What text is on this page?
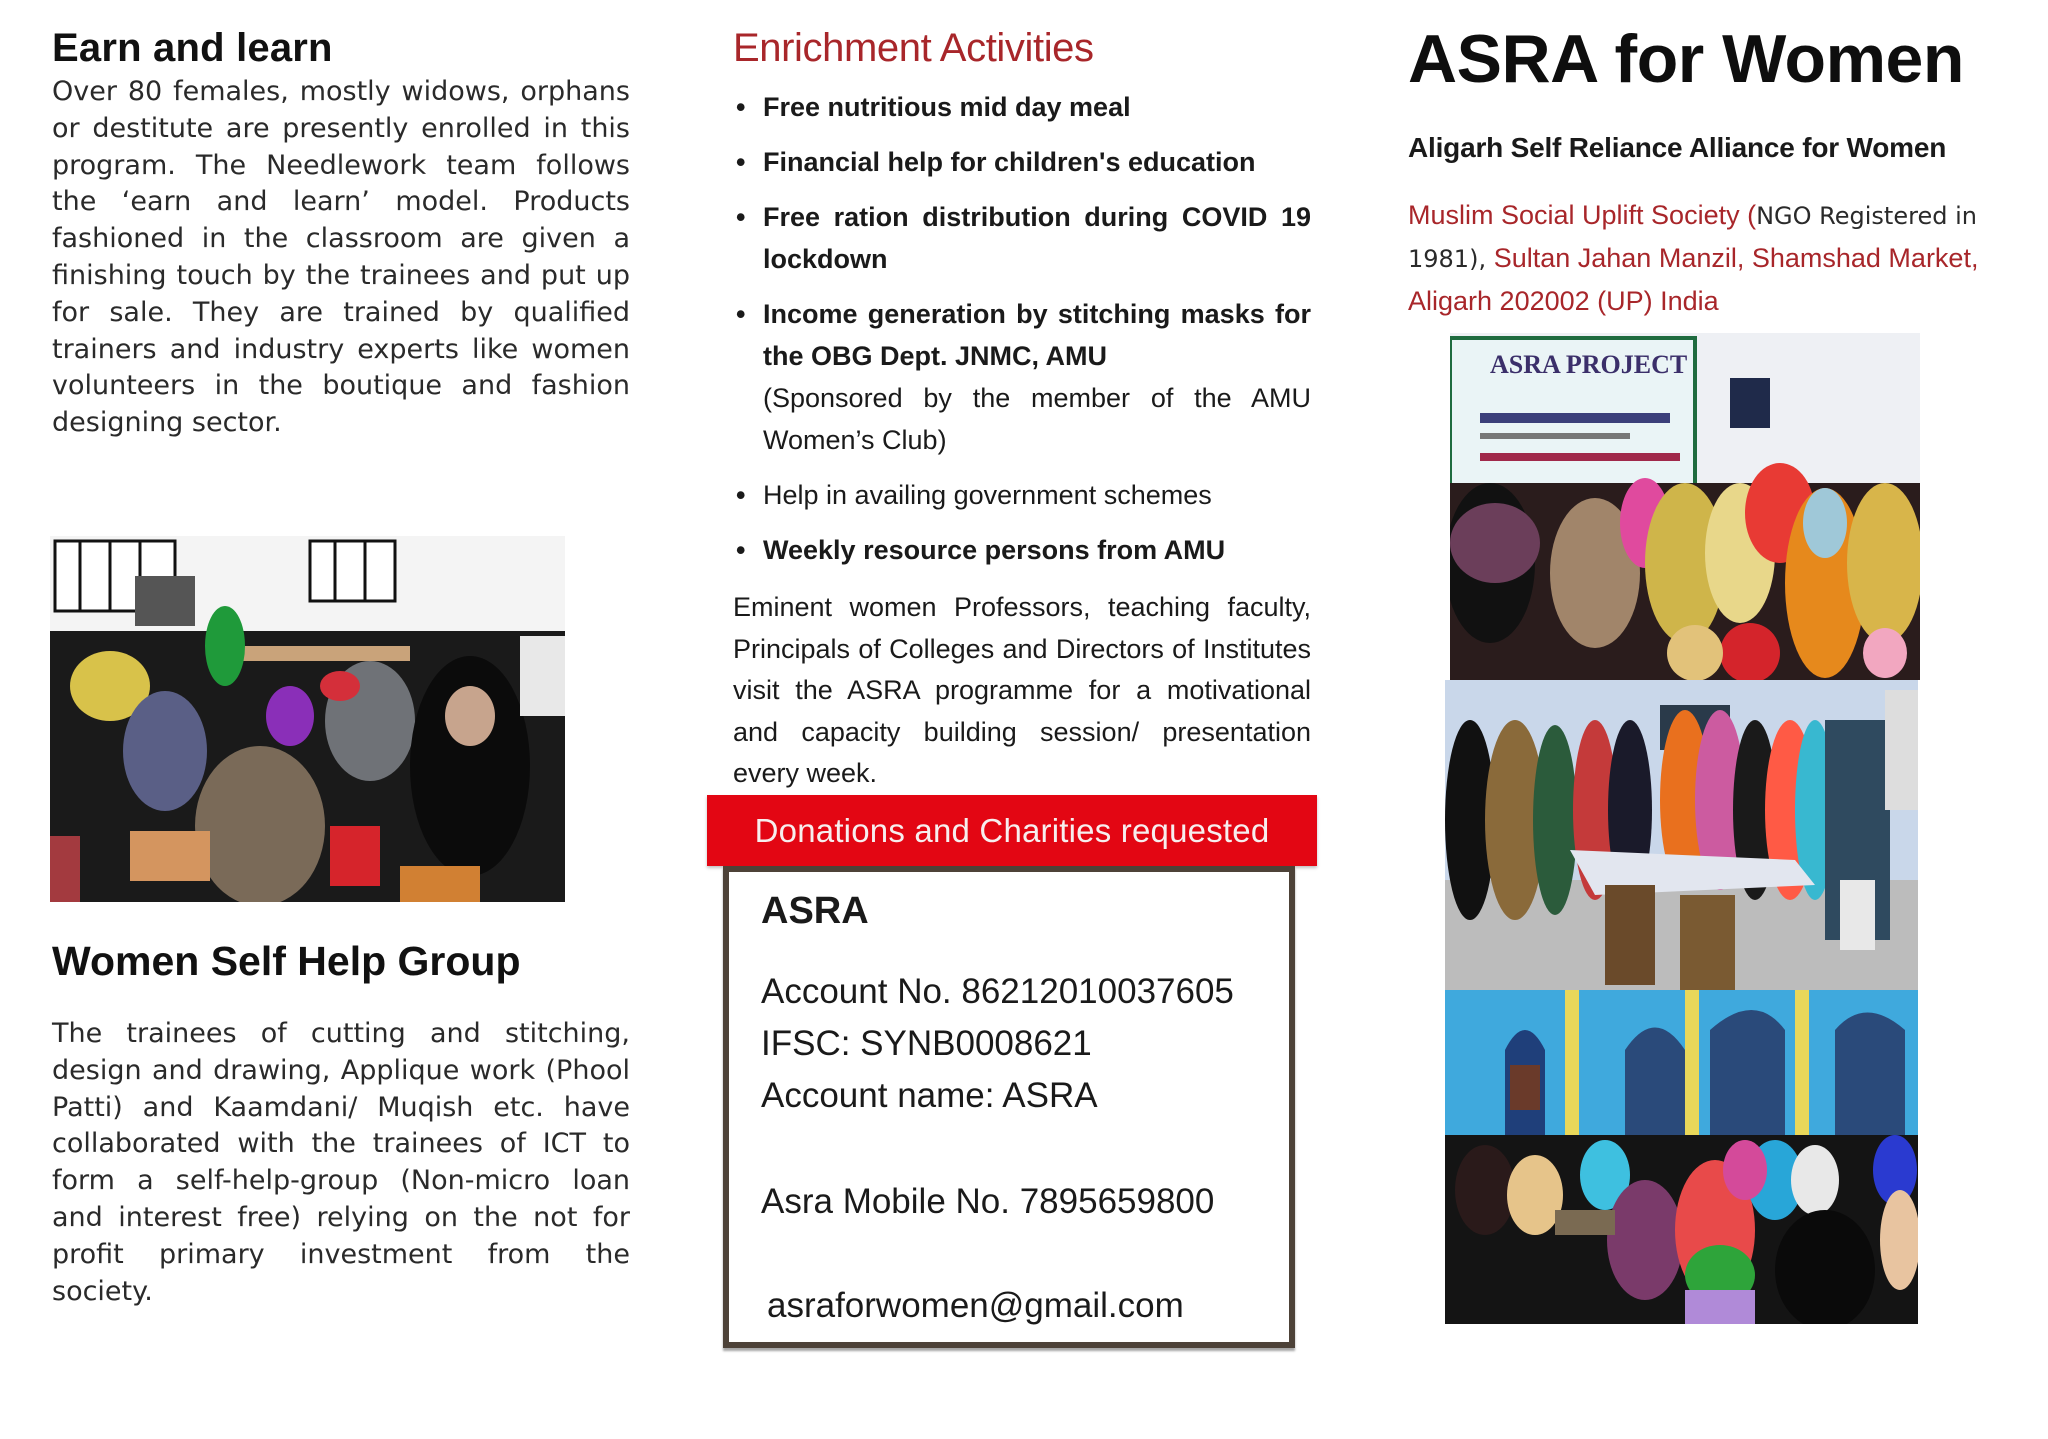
Earn and learn
Over 80 females, mostly widows, orphans or destitute are presently enrolled in this program. The Needlework team follows the ‘earn and learn’ model. Products fashioned in the classroom are given a finishing touch by the trainees and put up for sale. They are trained by qualified trainers and industry experts like women volunteers in the boutique and fashion designing sector.
Women Self Help Group
The trainees of cutting and stitching, design and drawing, Applique work (Phool Patti) and Kaamdani/ Muqish etc. have collaborated with the trainees of ICT to form a self-help-group (Non-micro loan and interest free) relying on the not for profit primary investment from the society.
Enrichment Activities
• Free nutritious mid day meal
• Financial help for children's education
• Free ration distribution during COVID 19 lockdown
• Income generation by stitching masks for the OBG Dept. JNMC, AMU
(Sponsored by the member of the AMU Women’s Club)
• Help in availing government schemes
• Weekly resource persons from AMU
Eminent women Professors, teaching faculty, Principals of Colleges and Directors of Institutes visit the ASRA programme for a motivational and capacity building session/ presentation every week.
Donations and Charities requested
ASRA
Account No. 86212010037605
IFSC: SYNB0008621
Account name: ASRA
Asra Mobile No. 7895659800
asraforwomen@gmail.com
ASRA for Women
Aligarh Self Reliance Alliance for Women
Muslim Social Uplift Society (NGO Registered in 1981), Sultan Jahan Manzil, Shamshad Market, Aligarh 202002 (UP) India
ASRA PROJECT
